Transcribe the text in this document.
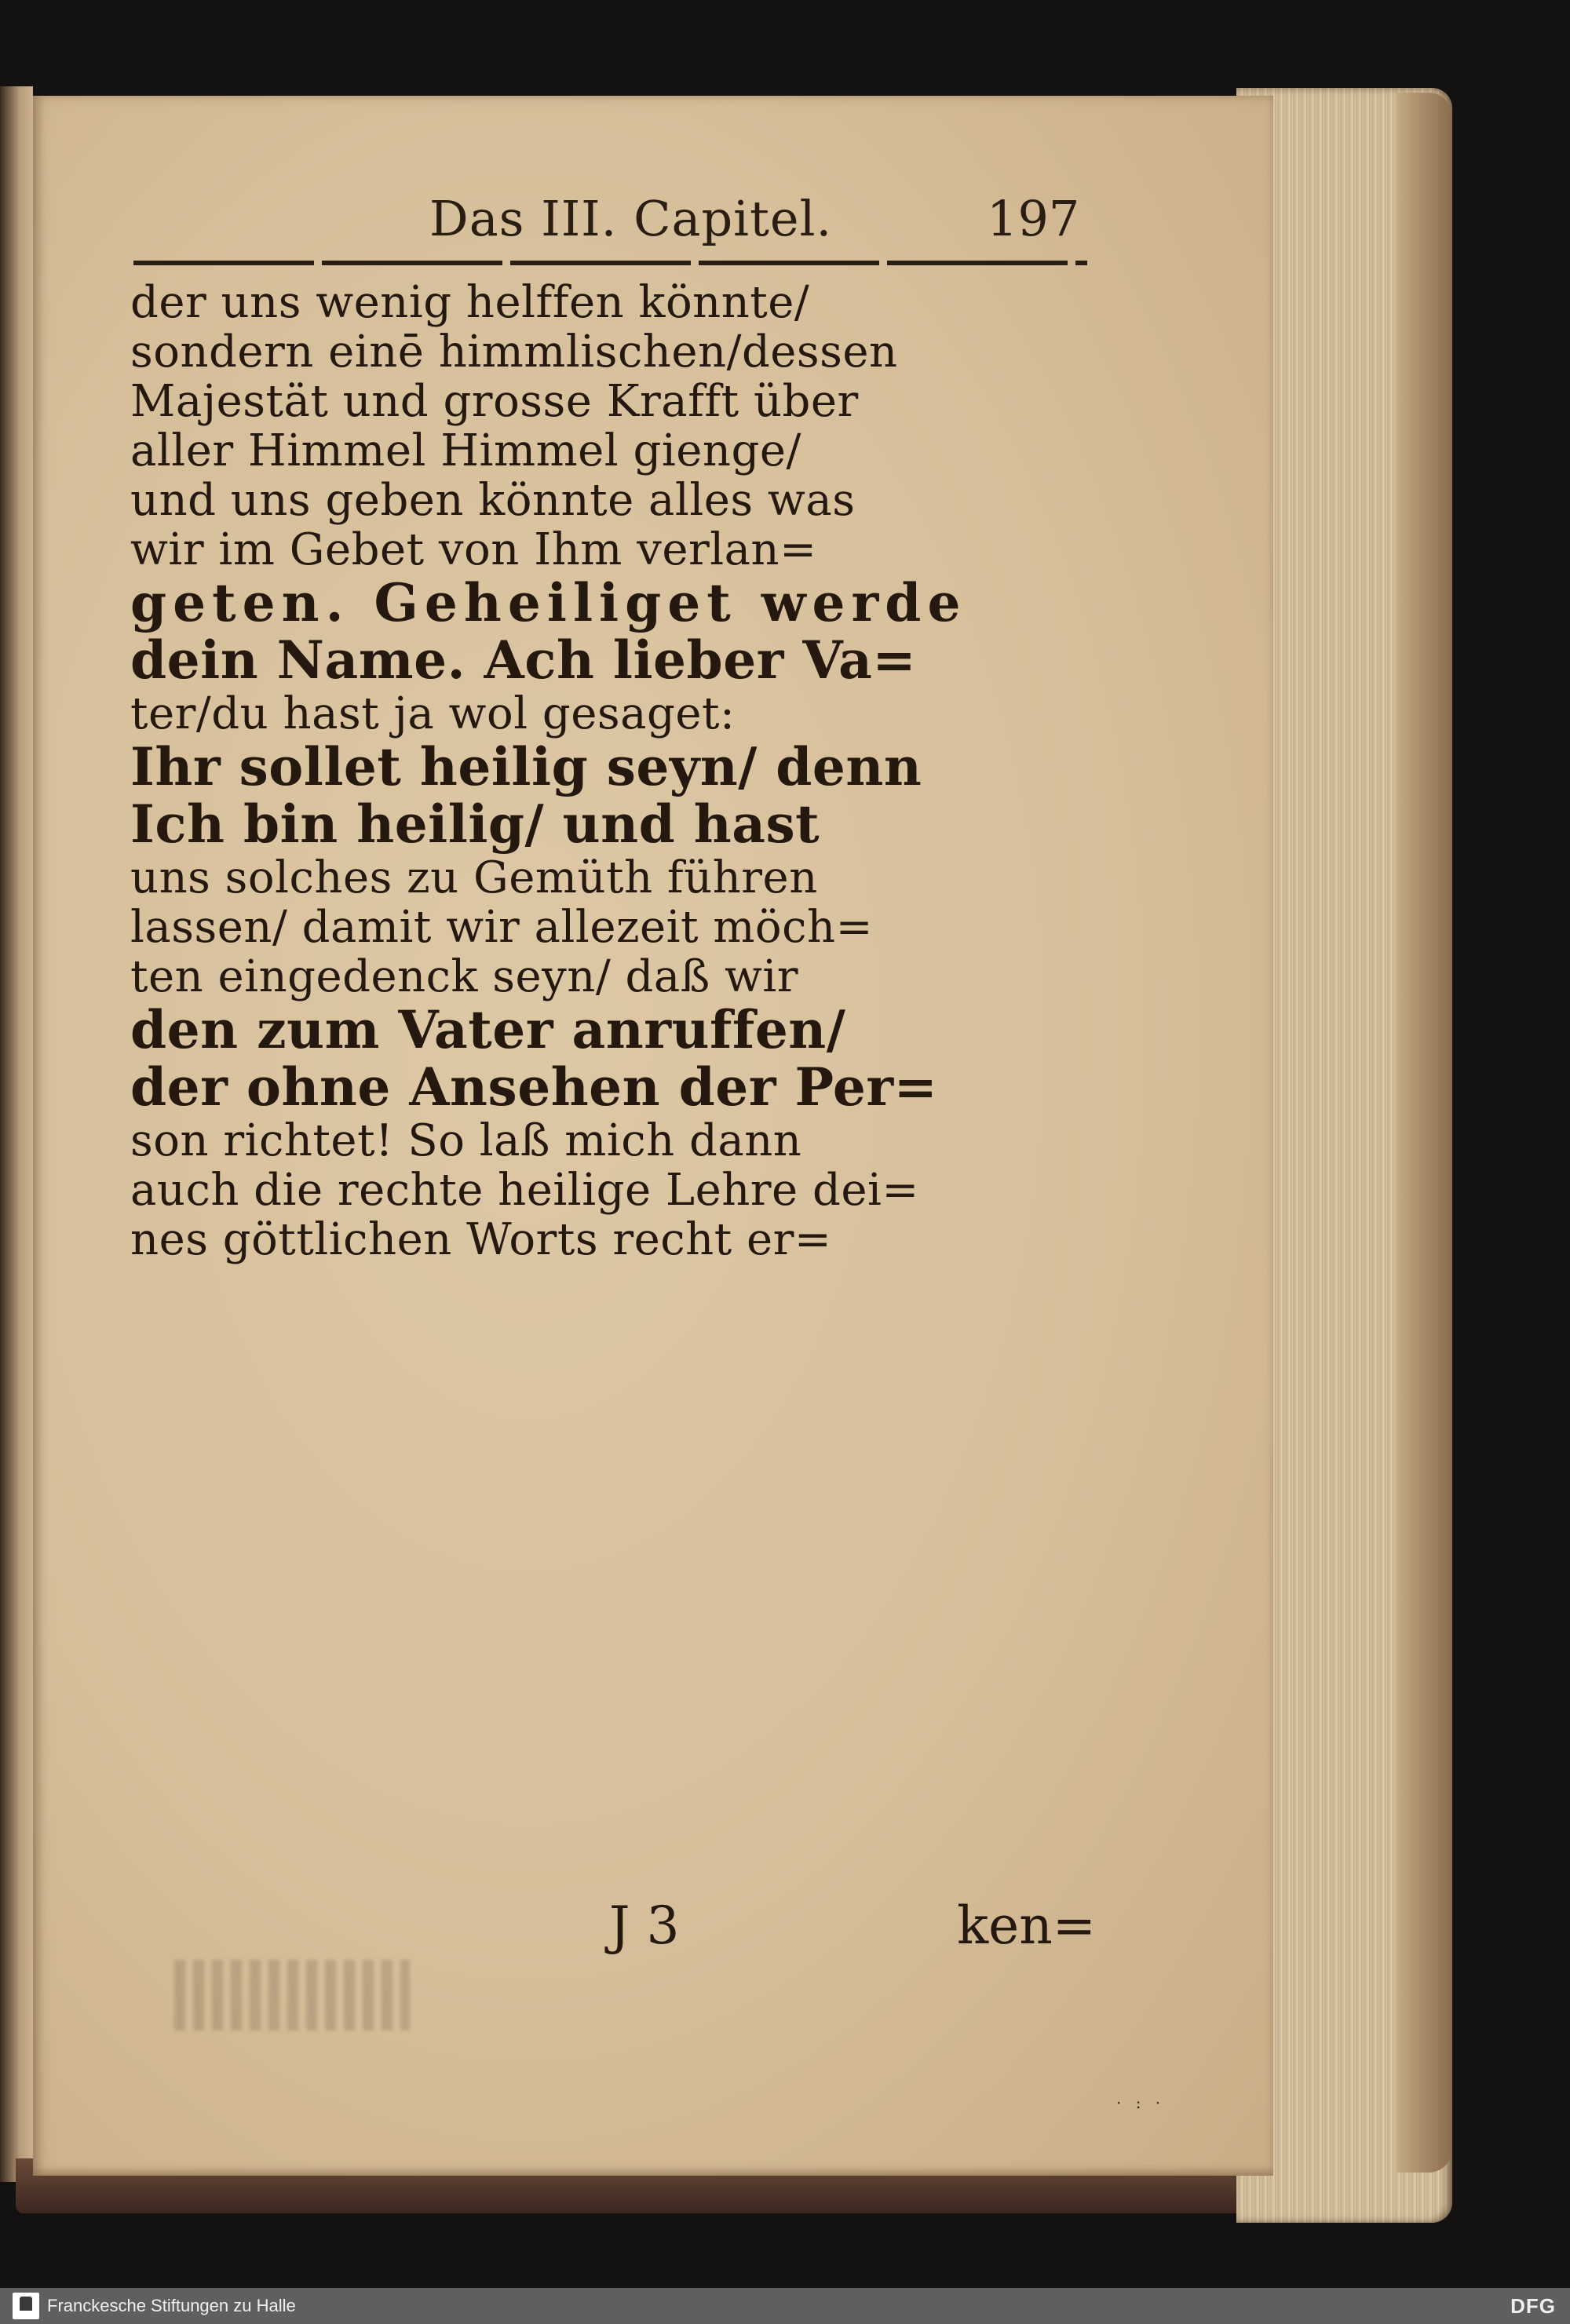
Das III. Capitel.	197
der uns wenig helffen könnte/
sondern einē himmlischen/dessen
Majestät und grosse Krafft über
aller Himmel Himmel gienge/
und uns geben könnte alles was
wir im Gebet von Ihm verlan=
geten. Geheiliget werde
dein Name. Ach lieber Va=
ter/du hast ja wol gesaget:
Ihr sollet heilig seyn/ denn
Ich bin heilig/ und hast
uns solches zu Gemüth führen
lassen/ damit wir allezeit möch=
ten eingedenck seyn/ daß wir
den zum Vater anruffen/
der ohne Ansehen der Per=
son richtet! So laß mich dann
auch die rechte heilige Lehre dei=
nes göttlichen Worts recht er=
J 3	ken=
· : ·
Franckesche Stiftungen zu Halle	DFG
